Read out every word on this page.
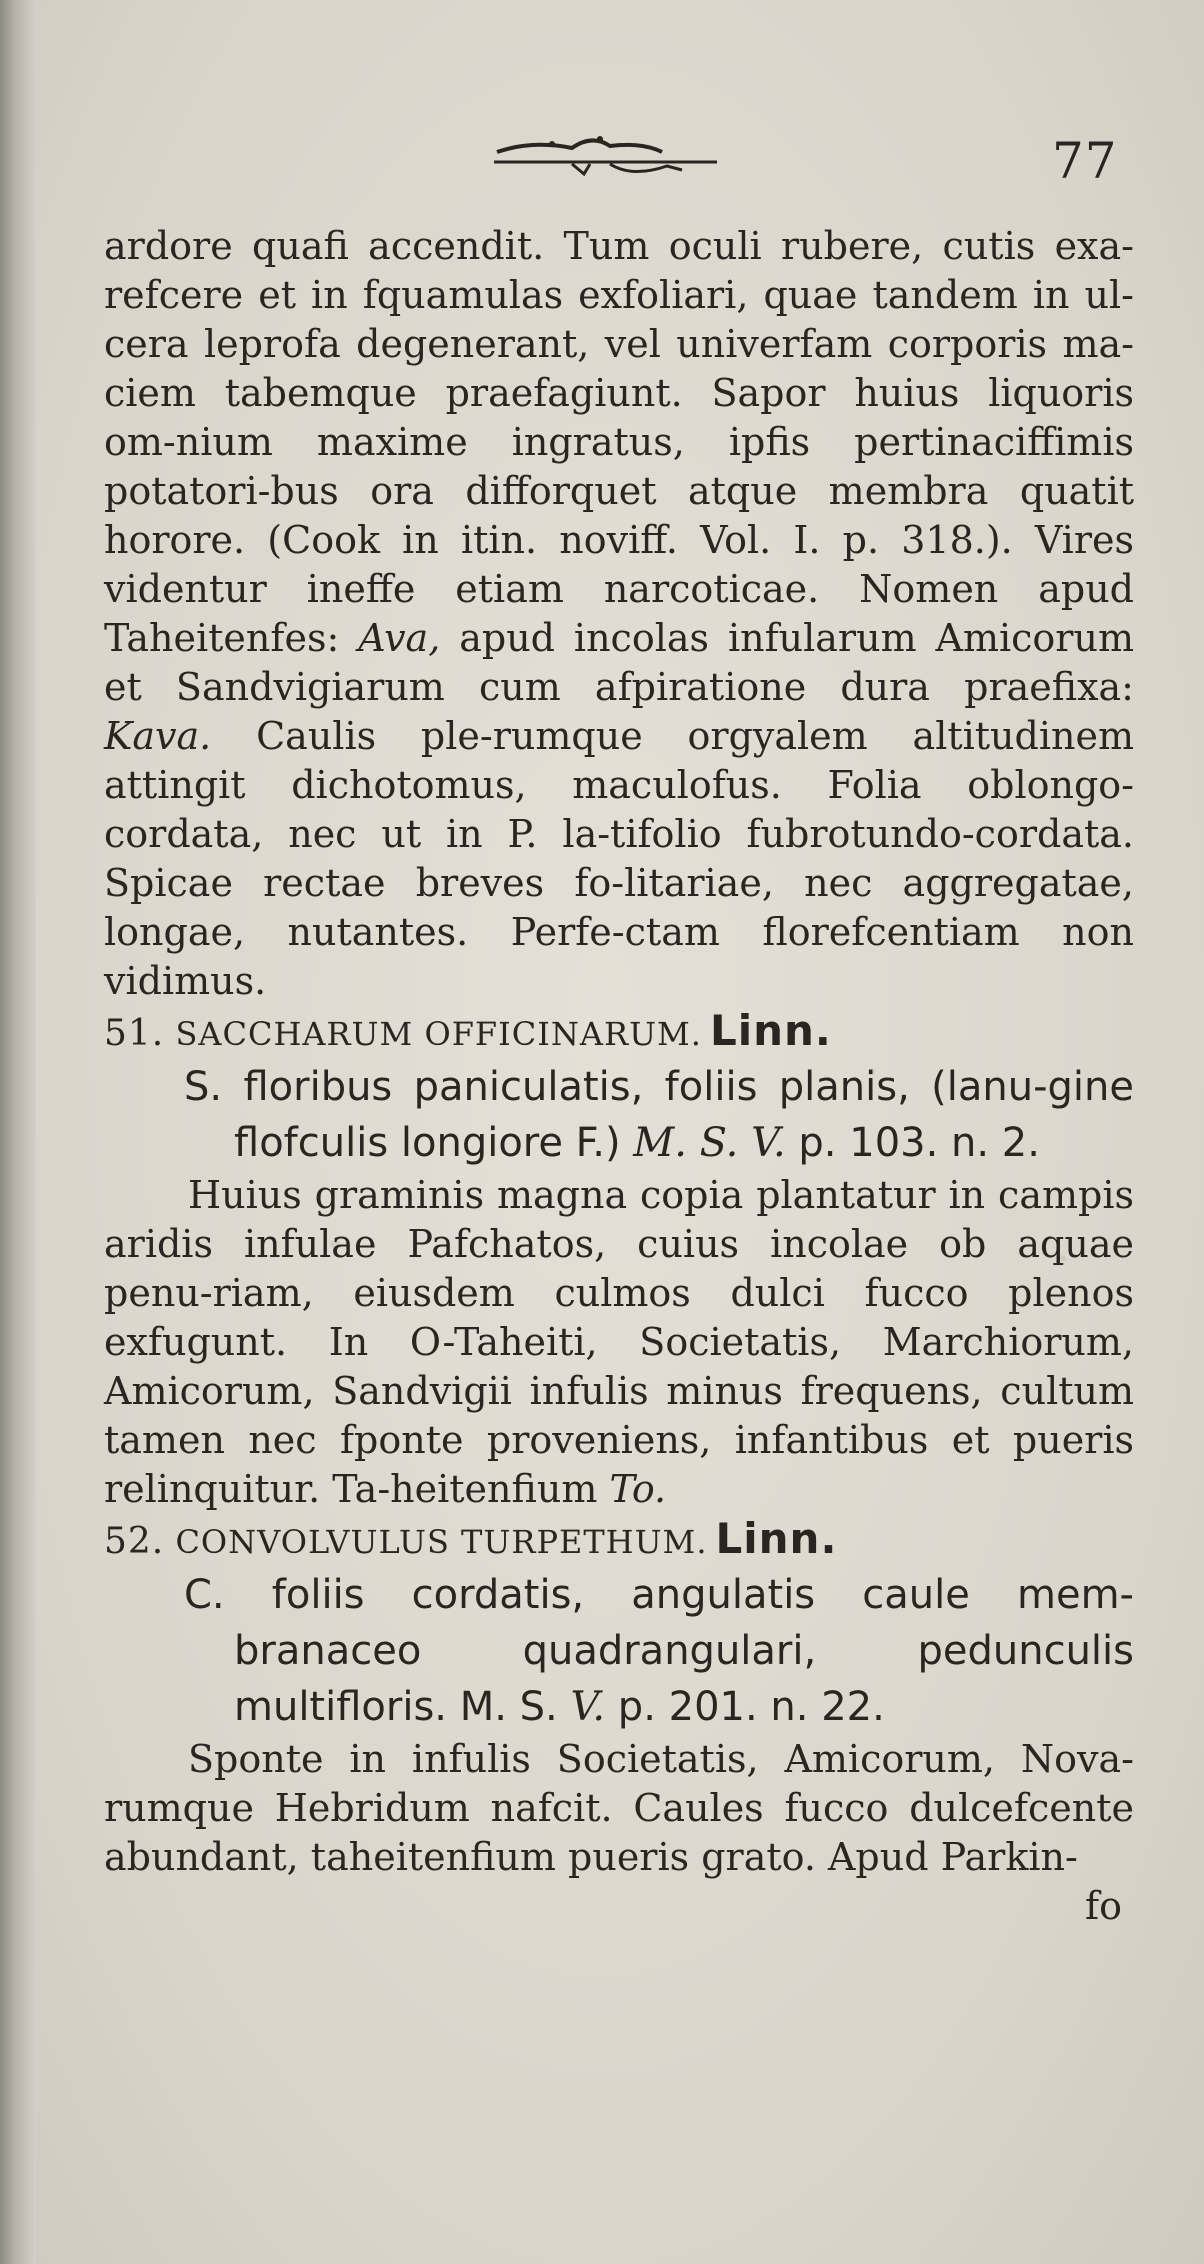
77

ardore quafi accendit. Tum oculi rubere, cutis exa-refcere et in fquamulas exfoliari, quae tandem in ul-cera leprofa degenerant, vel univerfam corporis ma-ciem tabemque praefagiunt. Sapor huius liquoris om-nium maxime ingratus, ipfis pertinaciffimis potatori-bus ora difforquet atque membra quatit horore. (Cook in itin. noviff. Vol. I. p. 318.). Vires videntur ineffe etiam narcoticae. Nomen apud Taheitenfes: Ava, apud incolas infularum Amicorum et Sandvigiarum cum afpiratione dura praefixa: Kava. Caulis ple-rumque orgyalem altitudinem attingit dichotomus, maculofus. Folia oblongo-cordata, nec ut in P. la-tifolio fubrotundo-cordata. Spicae rectae breves fo-litariae, nec aggregatae, longae, nutantes. Perfe-ctam florefcentiam non vidimus.

51. SACCHARUM OFFICINARUM. Linn.

S. floribus paniculatis, foliis planis, (lanu-gine flofculis longiore F.) M. S. V. p. 103. n. 2.

Huius graminis magna copia plantatur in campis aridis infulae Pafchatos, cuius incolae ob aquae penu-riam, eiusdem culmos dulci fucco plenos exfugunt. In O-Taheiti, Societatis, Marchiorum, Amicorum, Sandvigii infulis minus frequens, cultum tamen nec fponte proveniens, infantibus et pueris relinquitur. Ta-heitenfium To.

52. CONVOLVULUS TURPETHUM. Linn.

C. foliis cordatis, angulatis caule mem-branaceo quadrangulari, pedunculis multifloris. M. S. V. p. 201. n. 22.

Sponte in infulis Societatis, Amicorum, Nova-rumque Hebridum nafcit. Caules fucco dulcefcente abundant, taheitenfium pueris grato. Apud Parkin-

fo
